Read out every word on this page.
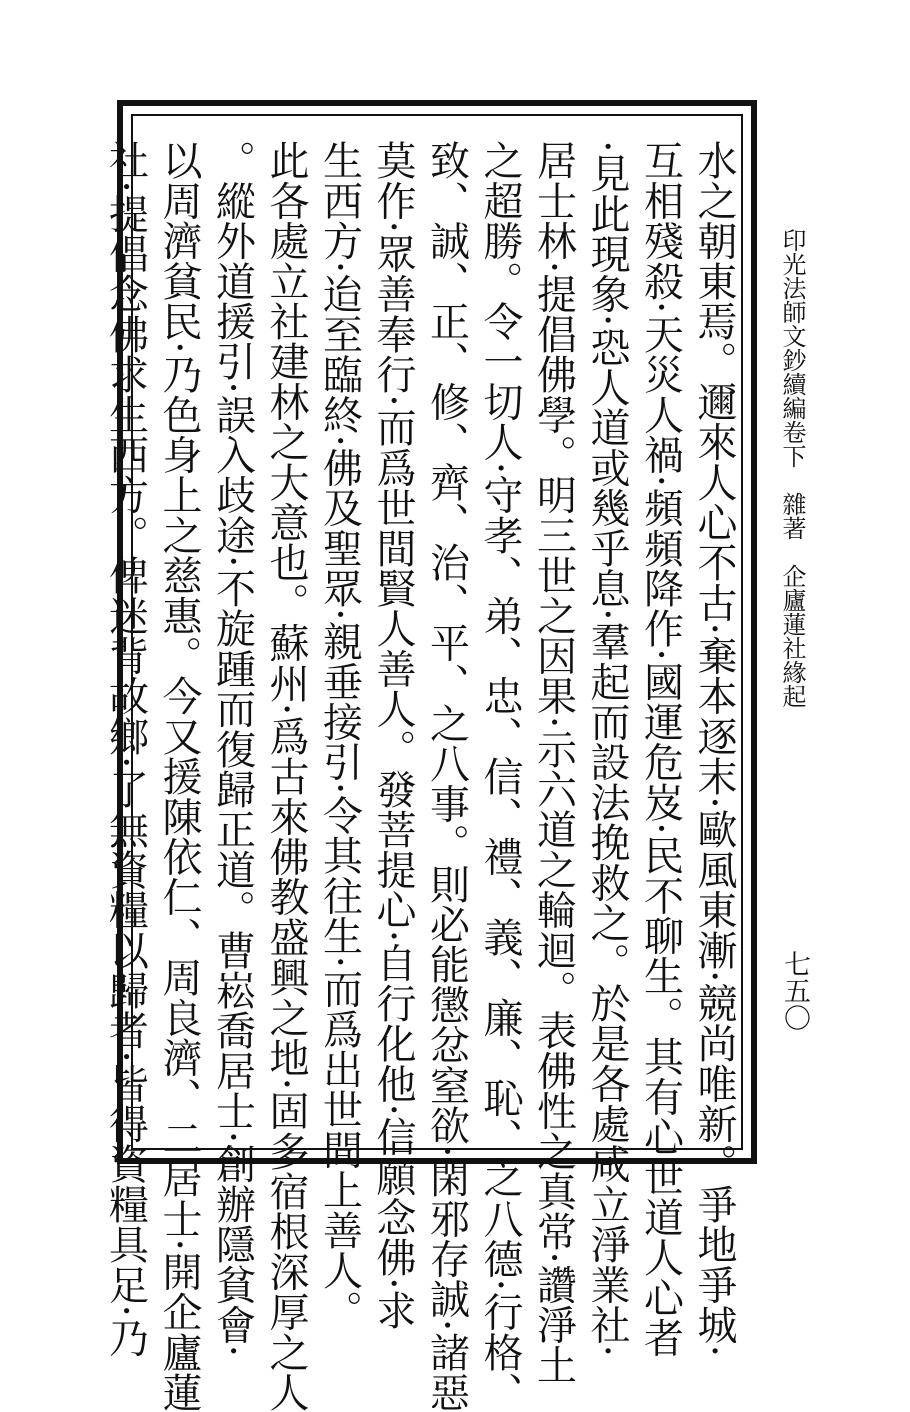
水之朝東焉。邇來人心不古·棄本逐末·歐風東漸·競尚唯新。爭地爭城·
互相殘殺·天災人禍·頻頻降作·國運危岌·民不聊生。其有心世道人心者
·見此現象·恐人道或幾乎息·羣起而設法挽救之。於是各處咸立淨業社·
居士林·提倡佛學。明三世之因果·示六道之輪迴。表佛性之真常·讚淨土
之超勝。令一切人·守孝、弟、忠、信、禮、義、廉、恥、之八德·行格、
致、誠、正、修、齊、治、平、之八事。則必能懲忿窒欲·閑邪存誠·諸惡
莫作·眾善奉行·而爲世間賢人善人。發菩提心·自行化他·信願念佛·求
生西方·迨至臨終·佛及聖眾·親垂接引·令其往生·而爲出世間上善人。
此各處立社建林之大意也。蘇州·爲古來佛教盛興之地·固多宿根深厚之人
。縱外道援引·誤入歧途·不旋踵而復歸正道。曹崧喬居士·創辦隱貧會·
以周濟貧民·乃色身上之慈惠。今又援陳依仁、周良濟、二居士·開企廬蓮
社·提倡念佛求生西方。俾迷背故鄉·了無資糧以歸者·皆得資糧具足·乃	印光法師文鈔續編卷下　雜著　企廬蓮社緣起
七五〇
